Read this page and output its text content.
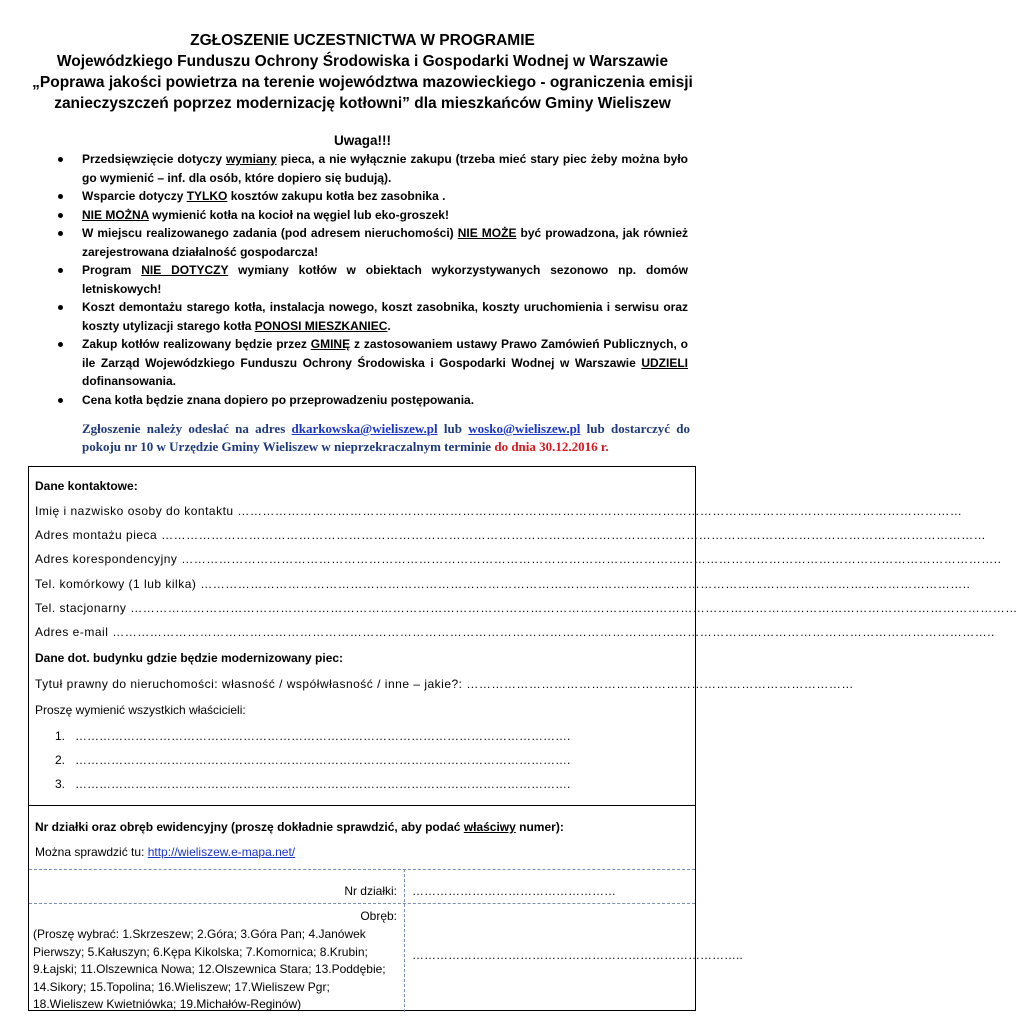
ZGŁOSZENIE UCZESTNICTWA W PROGRAMIE
Wojewódzkiego Funduszu Ochrony Środowiska i Gospodarki Wodnej w Warszawie
„Poprawa jakości powietrza na terenie województwa mazowieckiego - ograniczenia emisji
zanieczyszczeń poprzez modernizację kotłowni” dla mieszkańców Gminy Wieliszew
Uwaga!!!
Przedsięwzięcie dotyczy wymiany pieca, a nie wyłącznie zakupu (trzeba mieć stary piec żeby można było go wymienić – inf. dla osób, które dopiero się budują).
Wsparcie dotyczy TYLKO kosztów zakupu kotła bez zasobnika .
NIE MOŻNA wymienić kotła na kocioł na węgiel lub eko-groszek!
W miejscu realizowanego zadania (pod adresem nieruchomości) NIE MOŻE być prowadzona, jak również zarejestrowana działalność gospodarcza!
Program NIE DOTYCZY wymiany kotłów w obiektach wykorzystywanych sezonowo np. domów letniskowych!
Koszt demontażu starego kotła, instalacja nowego, koszt zasobnika, koszty uruchomienia i serwisu oraz koszty utylizacji starego kotła PONOSI MIESZKANIEC.
Zakup kotłów realizowany będzie przez GMINĘ z zastosowaniem ustawy Prawo Zamówień Publicznych, o ile Zarząd Wojewódzkiego Funduszu Ochrony Środowiska i Gospodarki Wodnej w Warszawie UDZIELI dofinansowania.
Cena kotła będzie znana dopiero po przeprowadzeniu postępowania.
Zgłoszenie należy odesłać na adres dkarkowska@wieliszew.pl lub wosko@wieliszew.pl lub dostarczyć do pokoju nr 10 w Urzędzie Gminy Wieliszew w nieprzekraczalnym terminie do dnia 30.12.2016 r.
Dane kontaktowe:
Imię i nazwisko osoby do kontaktu …………………………………………………………………………………………………………………………………………………………
Adres montażu pieca ………………………………………………………………………………………………………………………………………………………………………………
Adres korespondencyjny ……………………………………………………………………………………………………………………………………………………………………………..
Tel. komórkowy (1 lub kilka) …………………………………………………………………………………………………………………………………………………………………..
Tel. stacjonarny ……………………………………………………………………………………………………………………………………………………………………………………………
Adres e-mail …………………………………………………………………………………………………………………………………………………………………………………………..
Dane dot. budynku gdzie będzie modernizowany piec:
Tytuł prawny do nieruchomości: własność / współwłasność / inne – jakie?: …………………………………………………………………………………
Proszę wymienić wszystkich właścicieli:
1. …………………………………………………………………………………………………………….
2. …………………………………………………………………………………………………………….
3. …………………………………………………………………………………………………………….
Nr działki oraz obręb ewidencyjny (proszę dokładnie sprawdzić, aby podać właściwy numer):
Można sprawdzić tu: http://wieliszew.e-mapa.net/
Nr działki: ……………………………………………
Obręb:
(Proszę wybrać: 1.Skrzeszew; 2.Góra; 3.Góra Pan; 4.Janówek Pierwszy; 5.Kałuszyn; 6.Kępa Kikolska; 7.Komornica; 8.Krubin; 9.Łajski; 11.Olszewnica Nowa; 12.Olszewnica Stara; 13.Poddębie; 14.Sikory; 15.Topolina; 16.Wieliszew; 17.Wieliszew Pgr; 18.Wieliszew Kwietniówka; 19.Michałów-Reginów)
………………………………………………………………………..
